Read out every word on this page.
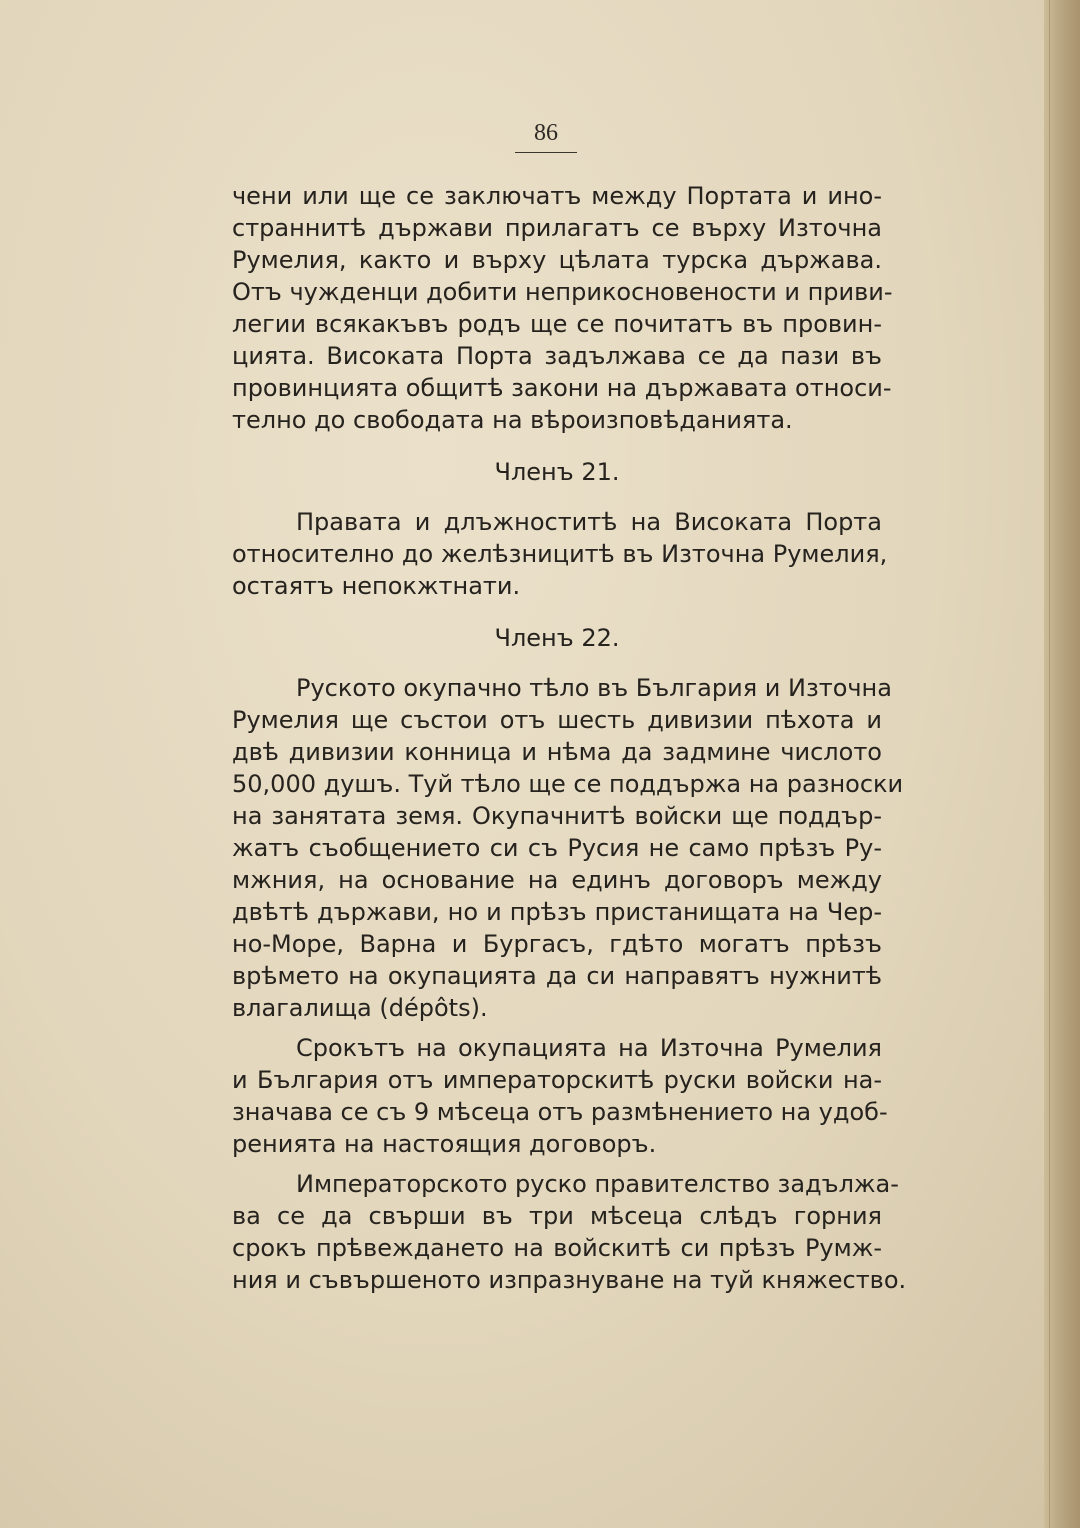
86
чени или ще се заключатъ между Портата и ино-
страннитѣ държави прилагатъ се върху Източна
Румелия, както и върху цѣлата турска държава.
Отъ чужденци добити неприкосновености и приви-
легии всякакъвъ родъ ще се почитатъ въ провин-
цията. Високата Порта задължава се да пази въ
провинцията общитѣ закони на държавата относи-
телно до свободата на вѣроизповѣданията.
Членъ 21.
Правата и длъжноститѣ на Високата Порта
относително до желѣзницитѣ въ Източна Румелия,
остаятъ непокжтнати.
Членъ 22.
Руското окупачно тѣло въ България и Източна
Румелия ще състои отъ шесть дивизии пѣхота и
двѣ дивизии конница и нѣма да задмине числото
50,000 душъ. Туй тѣло ще се поддържа на разноски
на занятата земя. Окупачнитѣ войски ще поддър-
жатъ съобщението си съ Русия не само прѣзъ Ру-
мжния, на основание на единъ договоръ между
двѣтѣ държави, но и прѣзъ пристанищата на Чер-
но-Море, Варна и Бургасъ, гдѣто могатъ прѣзъ
врѣмето на окупацията да си направятъ нужнитѣ
влагалища (dépôts).
Срокътъ на окупацията на Източна Румелия
и България отъ императорскитѣ руски войски на-
значава се съ 9 мѣсеца отъ размѣнението на удоб-
ренията на настоящия договоръ.
Императорското руско правителство задължа-
ва се да свърши въ три мѣсеца слѣдъ горния
срокъ прѣвеждането на войскитѣ си прѣзъ Румж-
ния и съвършеното изпразнуване на туй княжество.
